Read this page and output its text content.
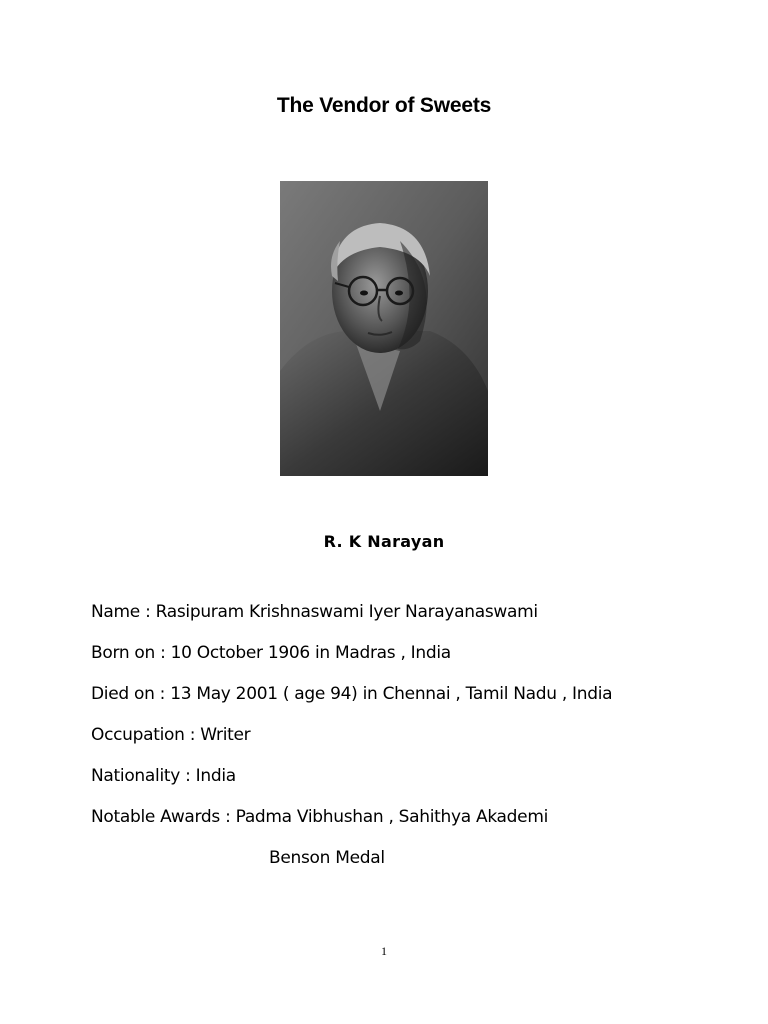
The Vendor of Sweets
R. K Narayan
Name : Rasipuram Krishnaswami Iyer Narayanaswami
Born on : 10 October 1906 in Madras , India
Died on : 13 May 2001 ( age 94) in Chennai , Tamil Nadu , India
Occupation : Writer
Nationality : India
Notable Awards : Padma Vibhushan , Sahithya Akademi
Benson Medal
1
